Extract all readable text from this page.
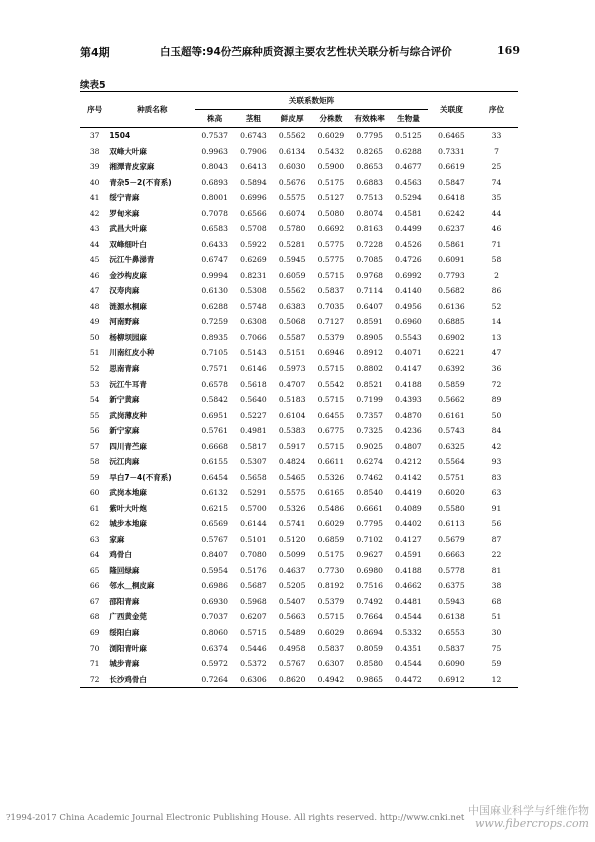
第4期	白玉超等:94份苎麻种质资源主要农艺性状关联分析与综合评价	169
续表5
序号	种质名称	关联系数矩阵						关联度	序位
		株高	茎粗	鲜皮厚	分株数	有效株率	生物量		
37	1504	0.7537	0.6743	0.5562	0.6029	0.7795	0.5125	0.6465	33
38	双峰大叶麻	0.9963	0.7906	0.6134	0.5432	0.8265	0.6288	0.7331	7
39	湘潭青皮家麻	0.8043	0.6413	0.6030	0.5900	0.8653	0.4677	0.6619	25
40	青杂5－2(不育系)	0.6893	0.5894	0.5676	0.5175	0.6883	0.4563	0.5847	74
41	绥宁青麻	0.8001	0.6996	0.5575	0.5127	0.7513	0.5294	0.6418	35
42	罗甸米麻	0.7078	0.6566	0.6074	0.5080	0.8074	0.4581	0.6242	44
43	武昌大叶麻	0.6583	0.5708	0.5780	0.6692	0.8163	0.4499	0.6237	46
44	双峰细叶白	0.6433	0.5922	0.5281	0.5775	0.7228	0.4526	0.5861	71
45	沅江牛鼻涕青	0.6747	0.6269	0.5945	0.5775	0.7085	0.4726	0.6091	58
46	金沙构皮麻	0.9994	0.8231	0.6059	0.5715	0.9768	0.6992	0.7793	2
47	汉寿肉麻	0.6130	0.5308	0.5562	0.5837	0.7114	0.4140	0.5682	86
48	涟源水桐麻	0.6288	0.5748	0.6383	0.7035	0.6407	0.4956	0.6136	52
49	河南野麻	0.7259	0.6308	0.5068	0.7127	0.8591	0.6960	0.6885	14
50	杨柳坝园麻	0.8935	0.7066	0.5587	0.5379	0.8905	0.5543	0.6902	13
51	川南红皮小种	0.7105	0.5143	0.5151	0.6946	0.8912	0.4071	0.6221	47
52	思南青麻	0.7571	0.6146	0.5973	0.5715	0.8802	0.4147	0.6392	36
53	沅江牛耳青	0.6578	0.5618	0.4707	0.5542	0.8521	0.4188	0.5859	72
54	新宁黄麻	0.5842	0.5640	0.5183	0.5715	0.7199	0.4393	0.5662	89
55	武岗薄皮种	0.6951	0.5227	0.6104	0.6455	0.7357	0.4870	0.6161	50
56	新宁家麻	0.5761	0.4981	0.5383	0.6775	0.7325	0.4236	0.5743	84
57	四川青苎麻	0.6668	0.5817	0.5917	0.5715	0.9025	0.4807	0.6325	42
58	沅江肉麻	0.6155	0.5307	0.4824	0.6611	0.6274	0.4212	0.5564	93
59	早白7－4(不育系)	0.6454	0.5658	0.5465	0.5326	0.7462	0.4142	0.5751	83
60	武岗本地麻	0.6132	0.5291	0.5575	0.6165	0.8540	0.4419	0.6020	63
61	紫叶大叶炮	0.6215	0.5700	0.5326	0.5486	0.6661	0.4089	0.5580	91
62	城步本地麻	0.6569	0.6144	0.5741	0.6029	0.7795	0.4402	0.6113	56
63	家麻	0.5767	0.5101	0.5120	0.6859	0.7102	0.4127	0.5679	87
64	鸡骨白	0.8407	0.7080	0.5099	0.5175	0.9627	0.4591	0.6663	22
65	隆回绿麻	0.5954	0.5176	0.4637	0.7730	0.6980	0.4188	0.5778	81
66	邻水＿桐皮麻	0.6986	0.5687	0.5205	0.8192	0.7516	0.4662	0.6375	38
67	邵阳青麻	0.6930	0.5968	0.5407	0.5379	0.7492	0.4481	0.5943	68
68	广西黄金莞	0.7037	0.6207	0.5663	0.5715	0.7664	0.4544	0.6138	51
69	绥阳白麻	0.8060	0.5715	0.5489	0.6029	0.8694	0.5332	0.6553	30
70	浏阳青叶麻	0.6374	0.5446	0.4958	0.5837	0.8059	0.4351	0.5837	75
71	城步青麻	0.5972	0.5372	0.5767	0.6307	0.8580	0.4544	0.6090	59
72	长沙鸡骨白	0.7264	0.6306	0.8620	0.4942	0.9865	0.4472	0.6912	12
?1994-2017 China Academic Journal Electronic Publishing House. All rights reserved. http://www.cnki.net
中国麻业科学与纤维作物
www.fibercrops.com
